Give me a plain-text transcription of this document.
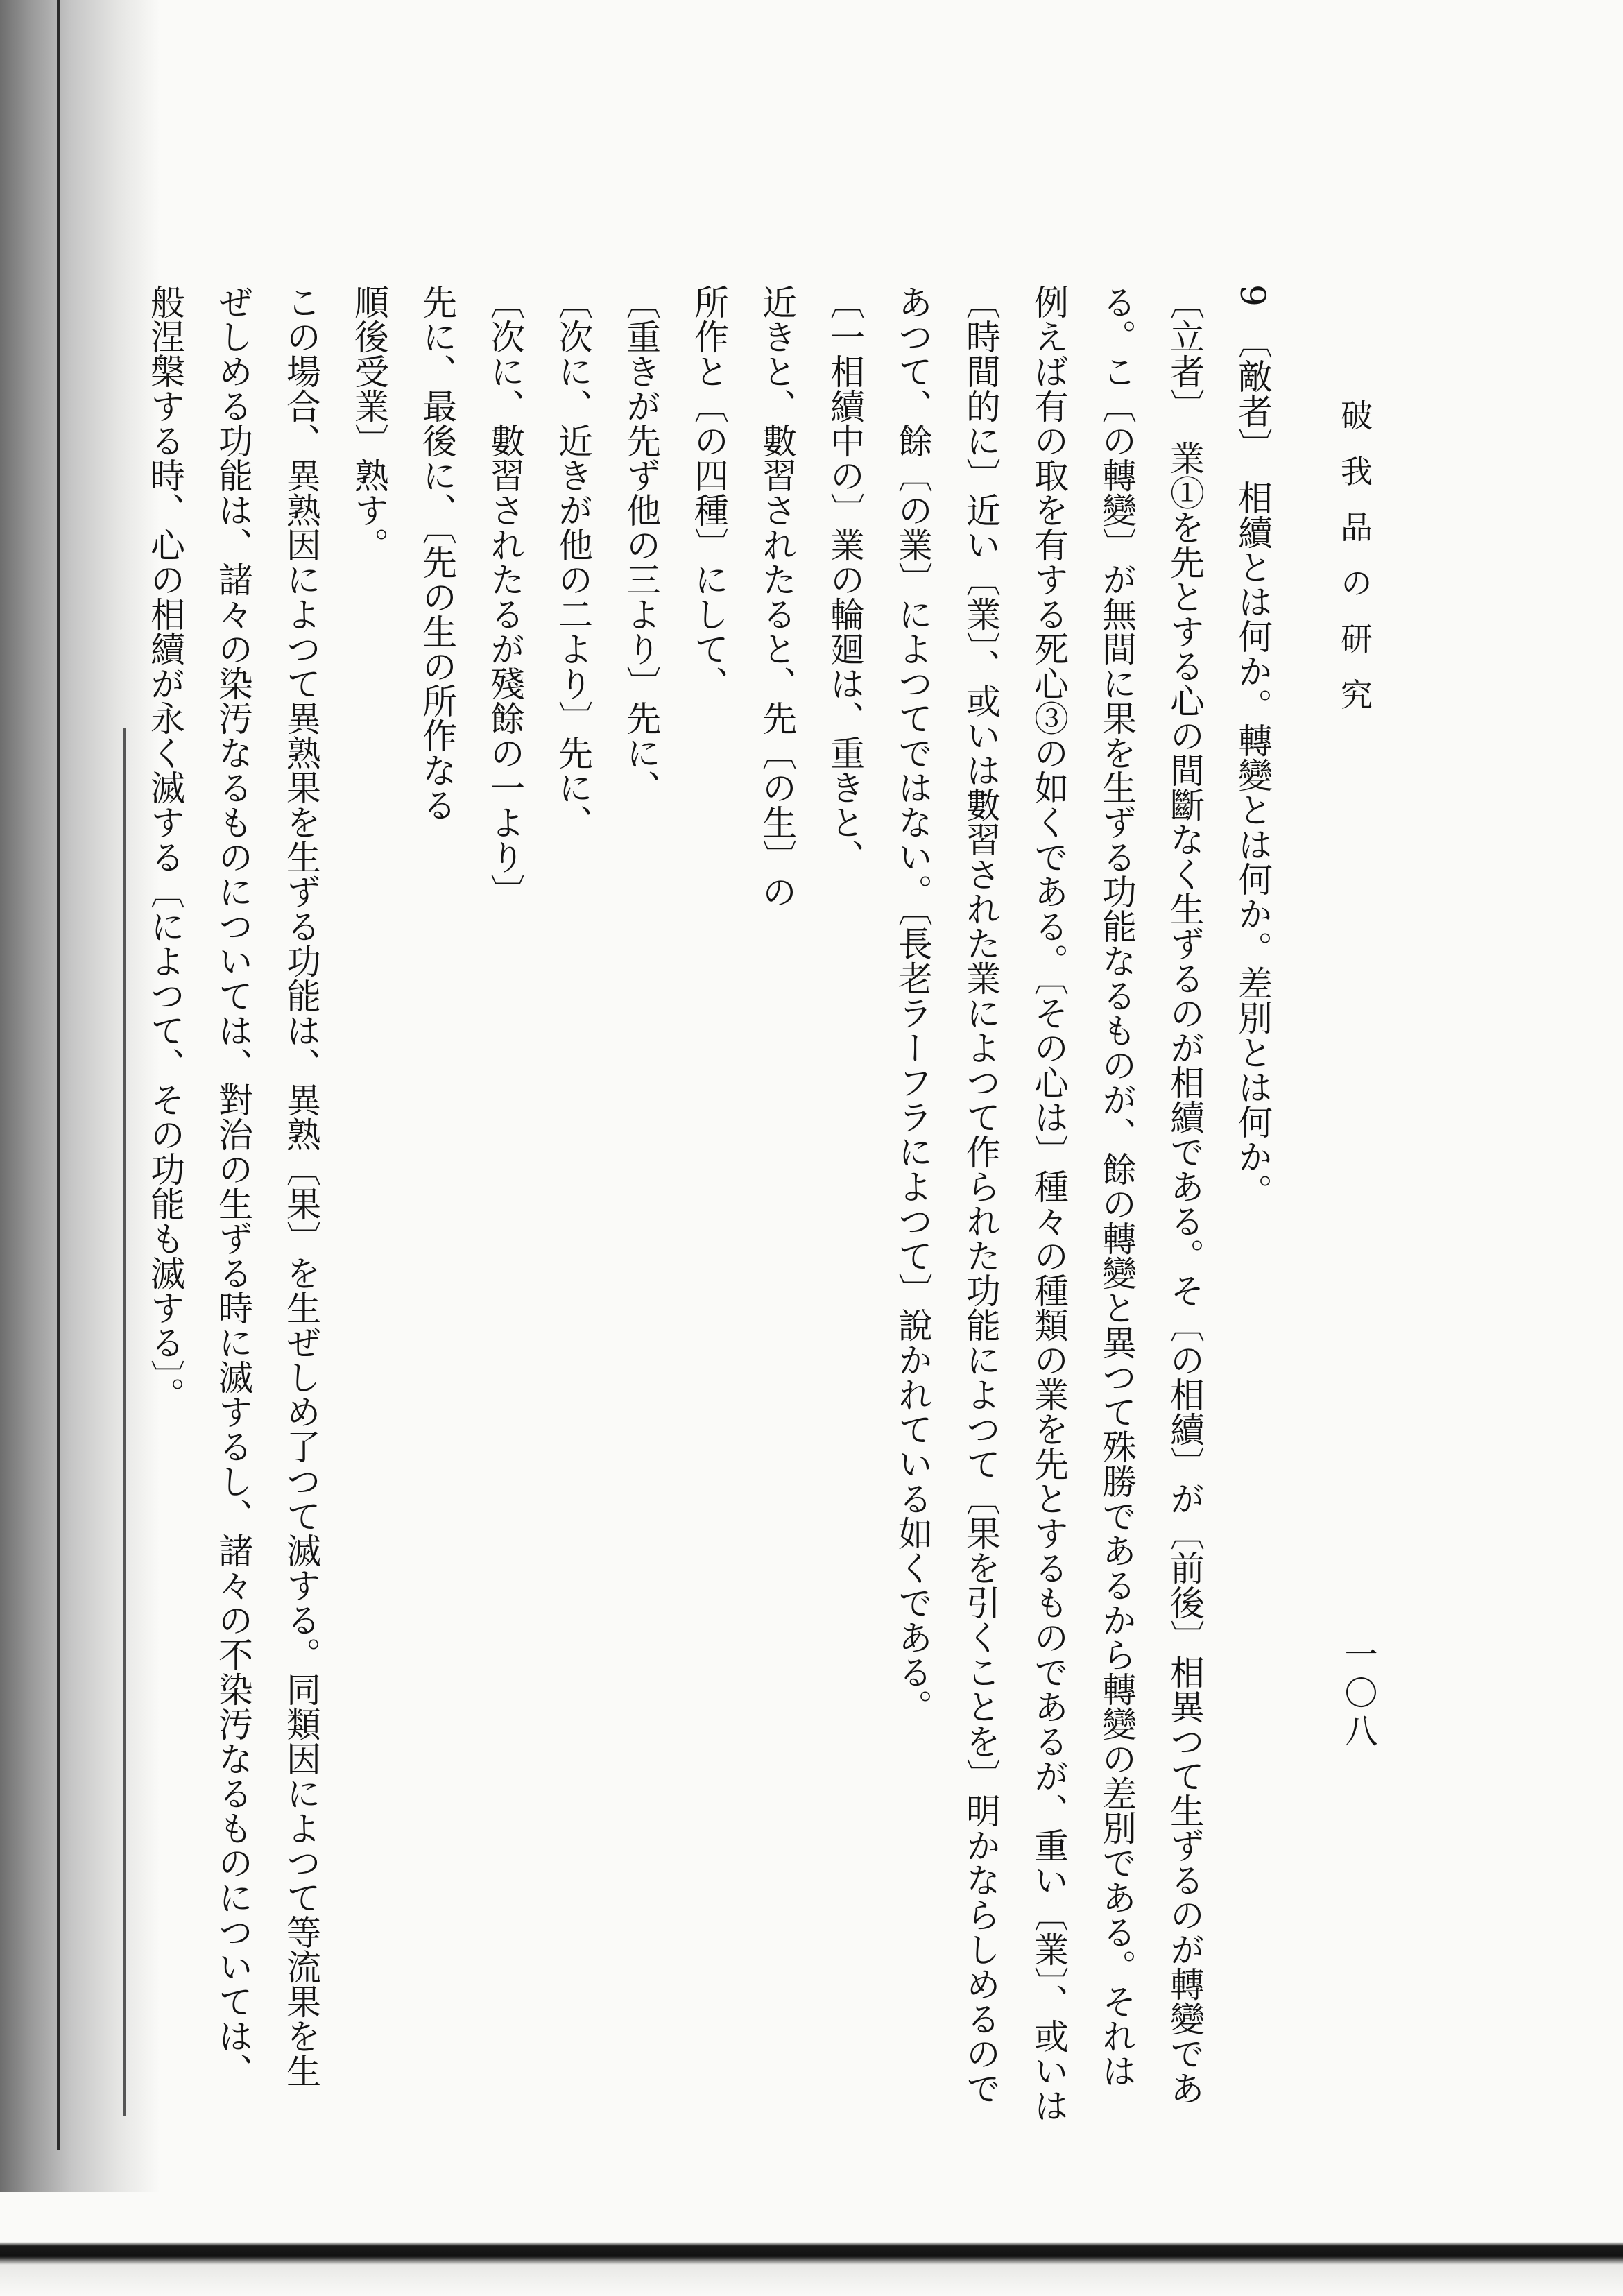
破我品の研究
一〇八
9　〔敵者〕　相續とは何か。轉變とは何か。差別とは何か。
〔立者〕　業①を先とする心の間斷なく生ずるのが相續である。そ〔の相續〕が〔前後〕相異つて生ずるのが轉變であ
る。こ〔の轉變〕が無間に果を生ずる功能なるものが、餘の轉變と異つて殊勝であるから轉變の差別である。それは
例えば有の取を有する死心③の如くである。〔その心は〕種々の種類の業を先とするものであるが、重い〔業〕、或いは
〔時間的に〕近い〔業〕、或いは數習された業によつて作られた功能によつて〔果を引くことを〕明かならしめるので
あつて、餘〔の業〕によつてではない。〔長老ラーフラによつて〕說かれている如くである。
〔一相續中の〕業の輪廻は、重きと、
近きと、數習されたると、先〔の生〕の
所作と〔の四種〕にして、
〔重きが先ず他の三より〕先に、
〔次に、近きが他の二より〕先に、
〔次に、數習されたるが殘餘の一より〕
先に、最後に、〔先の生の所作なる
順後受業〕熟す。
この場合、異熟因によつて異熟果を生ずる功能は、異熟〔果〕を生ぜしめ了つて滅する。同類因によつて等流果を生
ぜしめる功能は、諸々の染汚なるものについては、對治の生ずる時に滅するし、諸々の不染汚なるものについては、
般涅槃する時、心の相續が永く滅する〔によつて、その功能も滅する〕。
